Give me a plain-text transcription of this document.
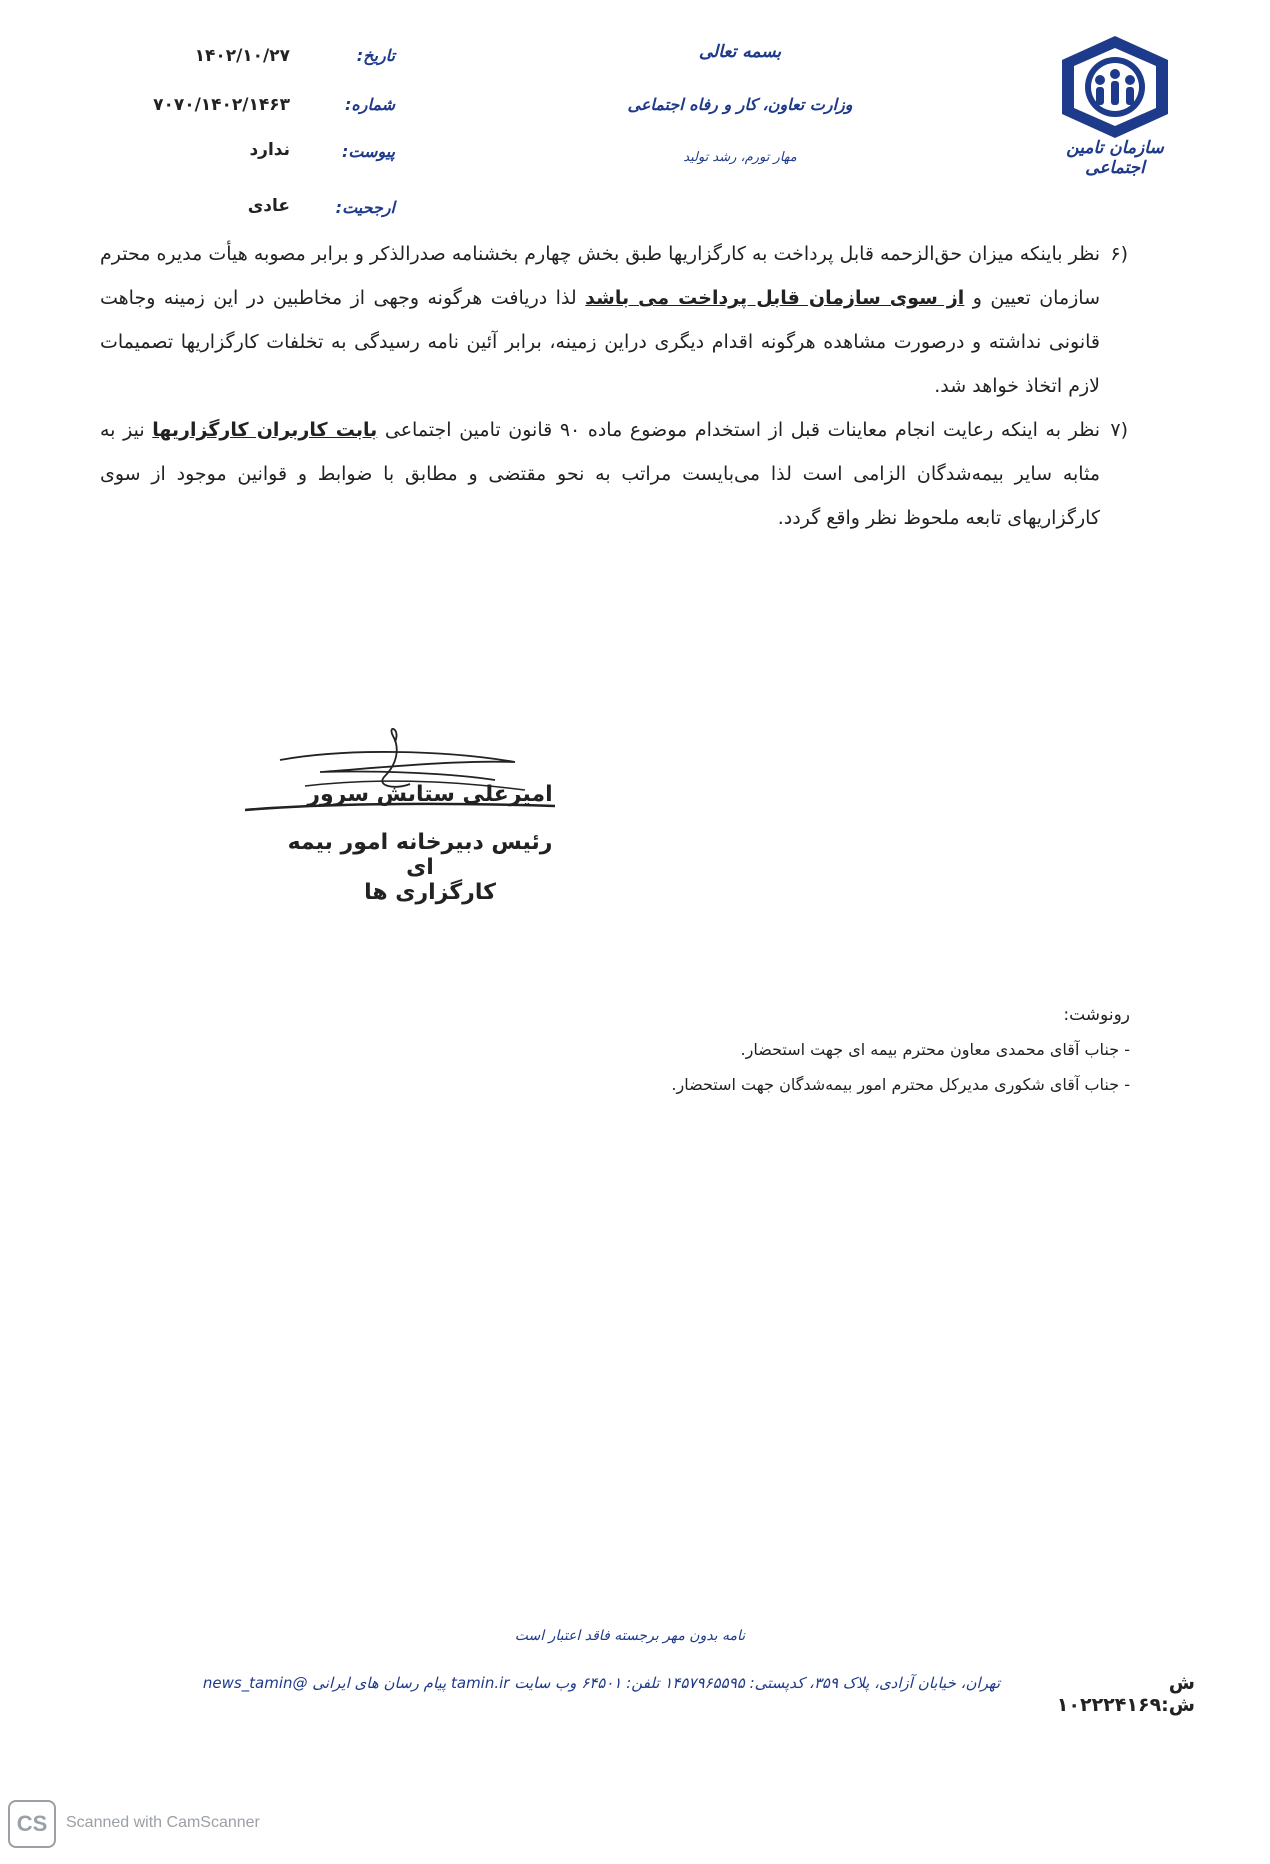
سازمان تامین اجتماعی
بسمه تعالی
وزارت تعاون، کار و رفاه اجتماعی
مهار تورم، رشد تولید
تاریخ:
۱۴۰۲/۱۰/۲۷
شماره:
۷۰۷۰/۱۴۰۲/۱۴۶۳
پیوست:
ندارد
ارجحیت:
عادی
۶)
نظر باینکه میزان حق‌الزحمه قابل پرداخت به کارگزاریها طبق بخش چهارم بخشنامه صدرالذکر و برابر مصوبه هیأت مدیره محترم سازمان تعیین و از سوی سازمان قابل پرداخت می باشد لذا دریافت هرگونه وجهی از مخاطبین در این زمینه وجاهت قانونی نداشته و درصورت مشاهده هرگونه اقدام دیگری دراین زمینه، برابر آئین نامه رسیدگی به تخلفات کارگزاریها تصمیمات لازم اتخاذ خواهد شد.
۷)
نظر به اینکه رعایت انجام معاینات قبل از استخدام موضوع ماده ۹۰ قانون تامین اجتماعی بابت کاربران کارگزاریها نیز به مثابه سایر بیمه‌شدگان الزامی است لذا می‌بایست مراتب به نحو مقتضی و مطابق با ضوابط و قوانین موجود از سوی کارگزاریهای تابعه ملحوظ نظر واقع گردد.
امیرعلی ستایش سرور
رئیس دبیرخانه امور بیمه ای
کارگزاری ها
رونوشت:
- جناب آقای محمدی معاون محترم بیمه ای جهت استحضار.
- جناب آقای شکوری مدیرکل محترم امور بیمه‌شدگان جهت استحضار.
نامه بدون مهر برجسته فاقد اعتبار است
ش ش:۱۰۲۲۲۴۱۶۹
تهران، خیابان آزادی، پلاک ۳۵۹، کدپستی: ۱۴۵۷۹۶۵۵۹۵ تلفن: ۶۴۵۰۱ وب سایت tamin.ir پیام رسان های ایرانی @news_tamin
CS	Scanned with CamScanner
